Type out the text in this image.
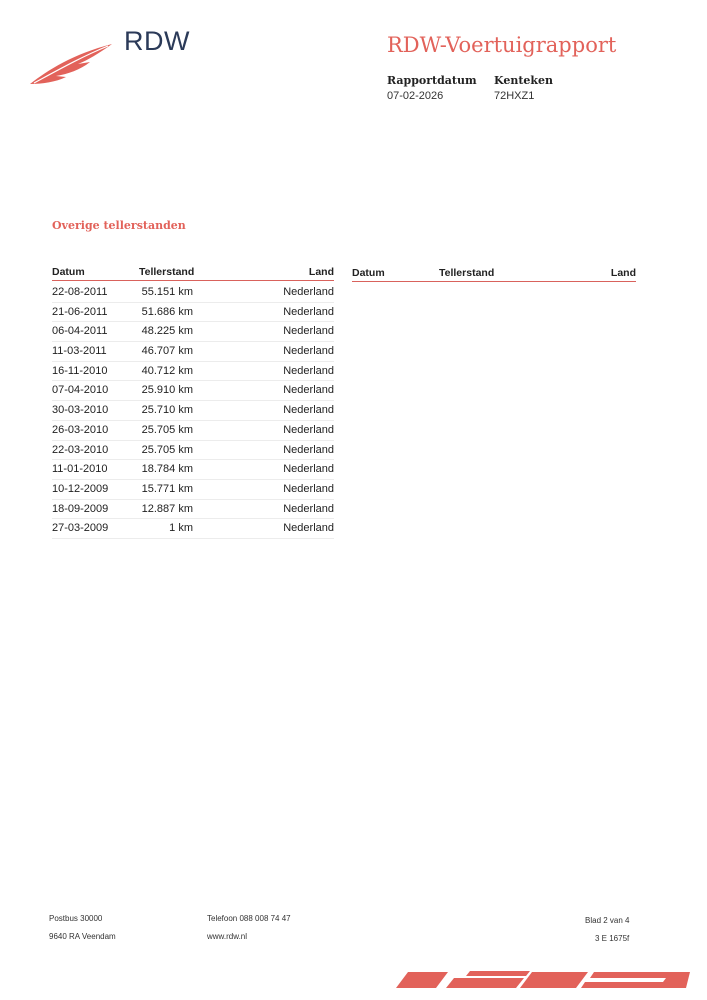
RDW	RDW-Voertuigrapport
Rapportdatum
07-02-2026
Kenteken
72HXZ1
Overige tellerstanden
Datum	Tellerstand	Land
22-08-2011	55.151 km	Nederland
21-06-2011	51.686 km	Nederland
06-04-2011	48.225 km	Nederland
11-03-2011	46.707 km	Nederland
16-11-2010	40.712 km	Nederland
07-04-2010	25.910 km	Nederland
30-03-2010	25.710 km	Nederland
26-03-2010	25.705 km	Nederland
22-03-2010	25.705 km	Nederland
11-01-2010	18.784 km	Nederland
10-12-2009	15.771 km	Nederland
18-09-2009	12.887 km	Nederland
27-03-2009	1 km	Nederland
Datum	Tellerstand	Land
Postbus 30000
9640 RA Veendam
Telefoon 088 008 74 47
www.rdw.nl
Blad 2 van 4
3 E 1675f
